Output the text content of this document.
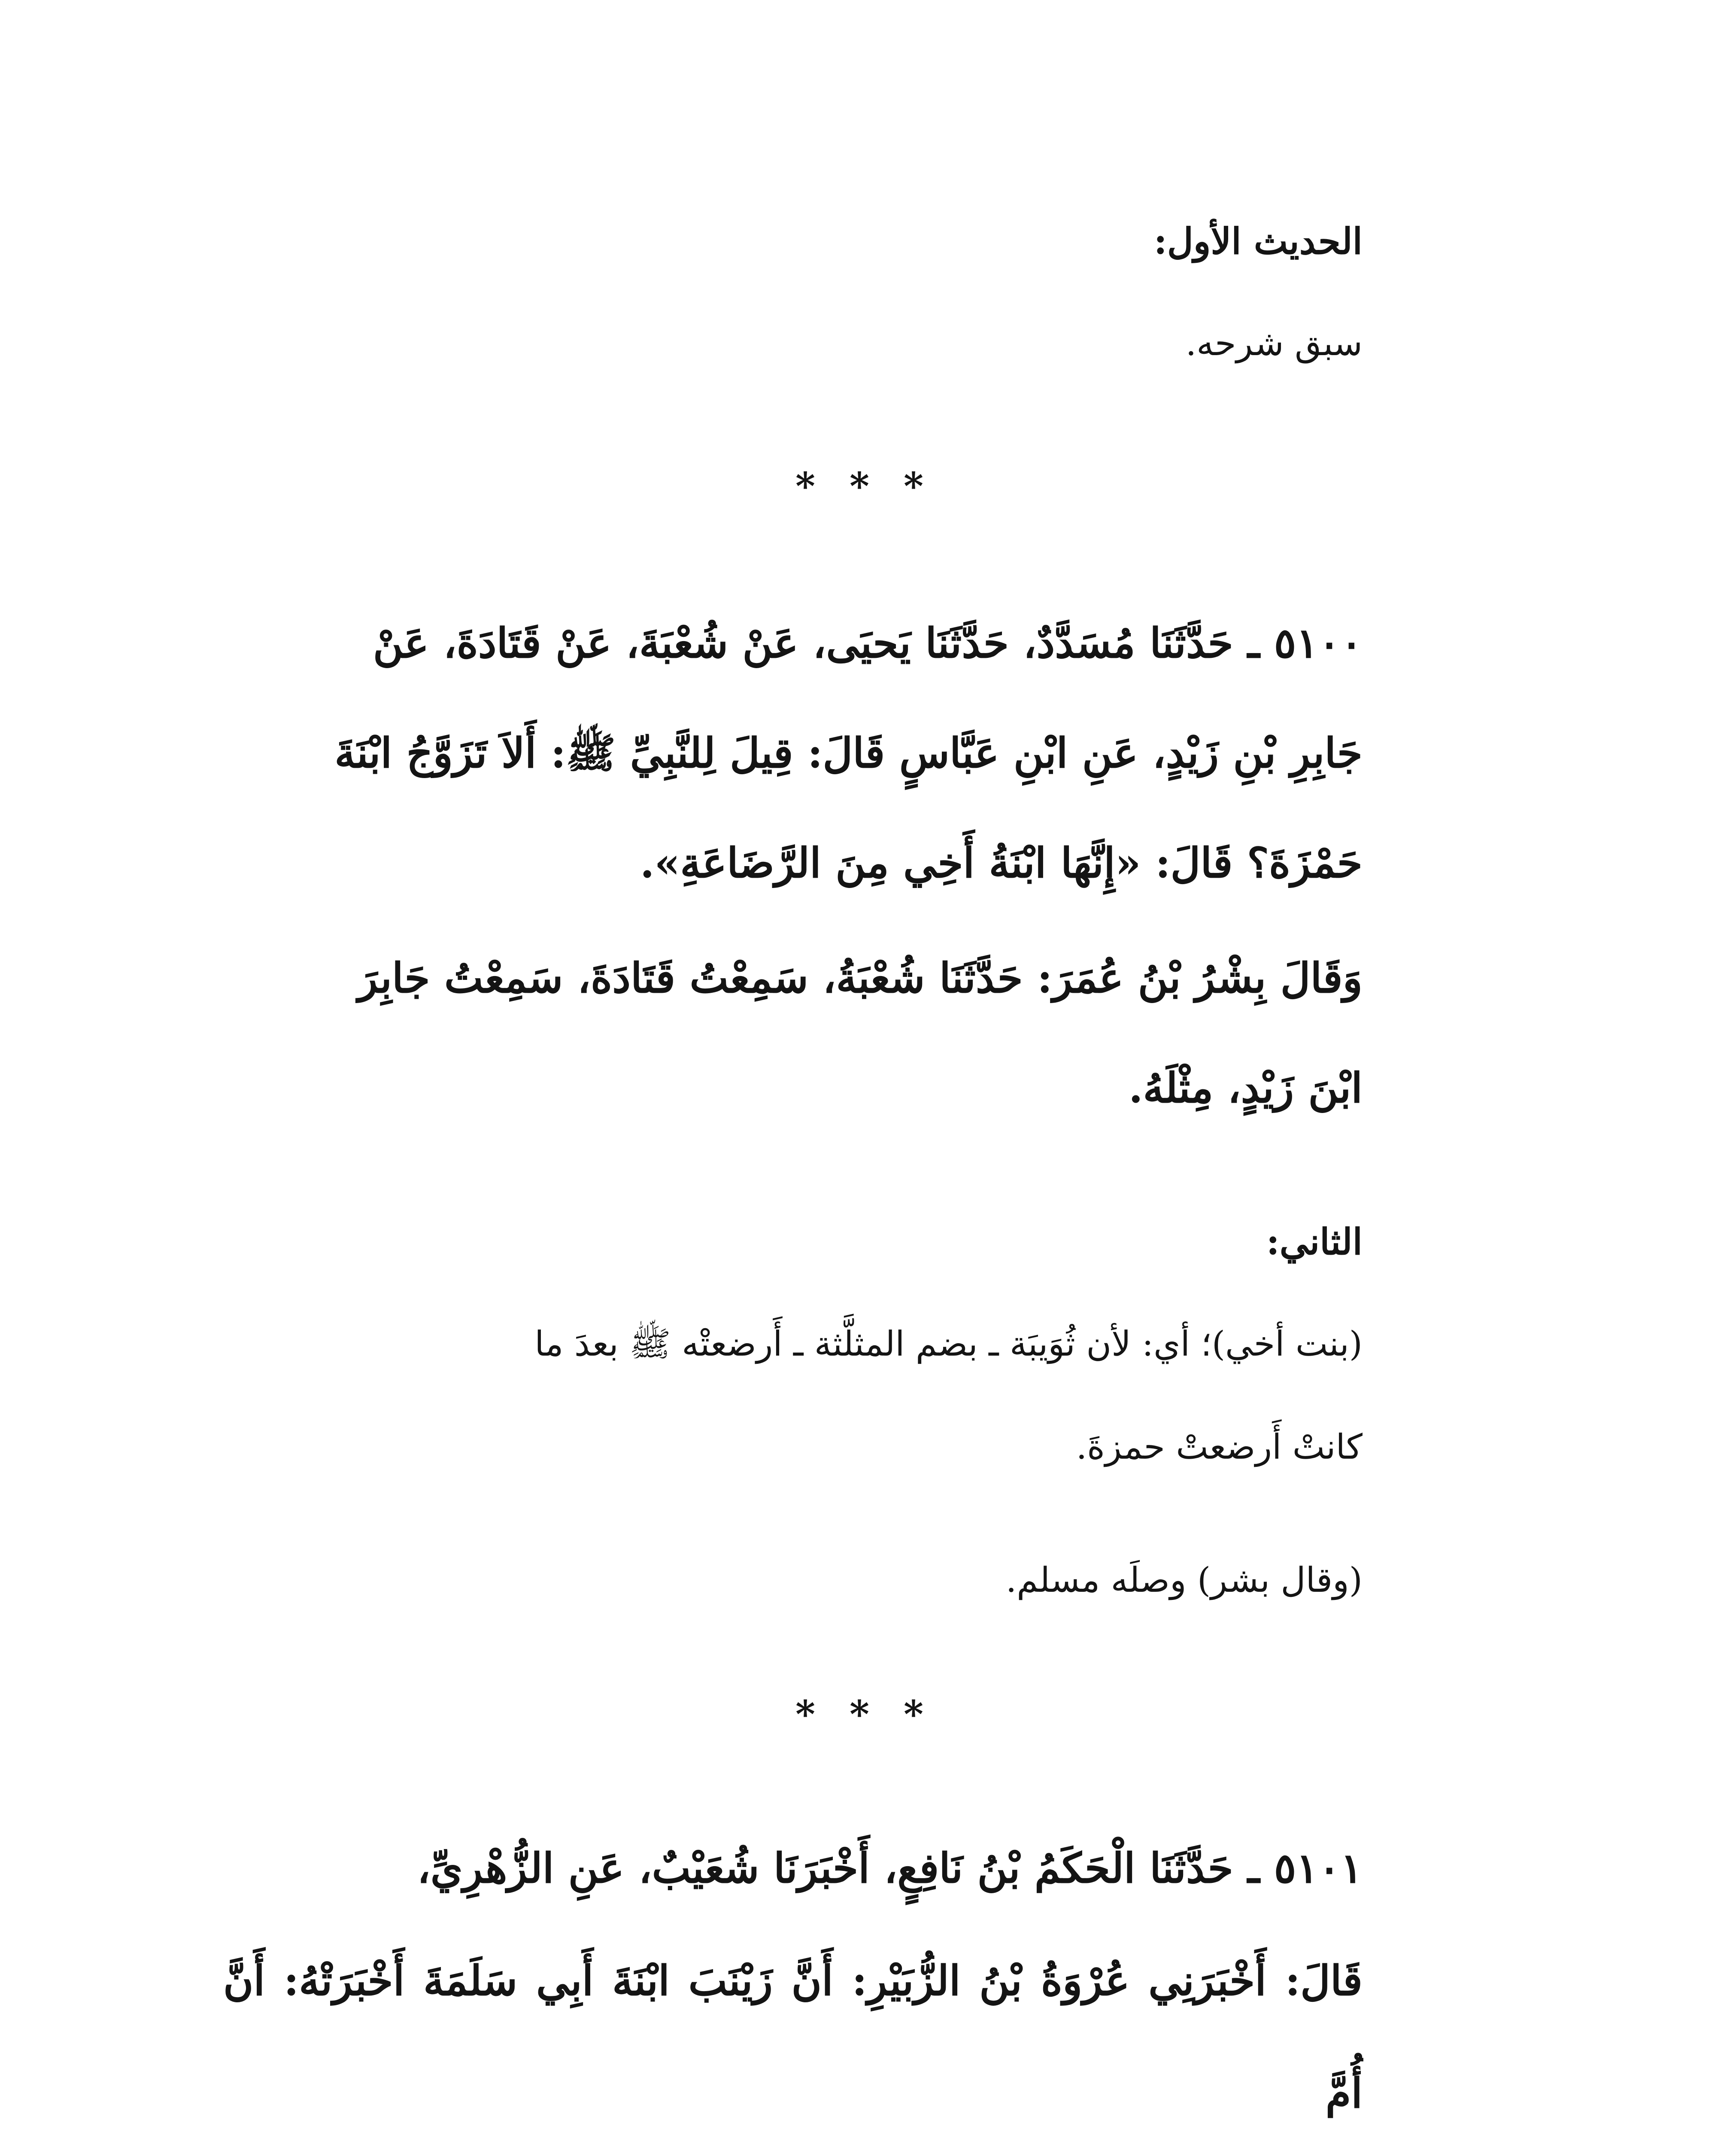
الحديث الأول:
سبق شرحه.
* * *
٥١٠٠ ـ حَدَّثَنَا مُسَدَّدٌ، حَدَّثَنَا يَحيَى، عَنْ شُعْبَةَ، عَنْ قَتَادَةَ، عَنْ
جَابِرِ بْنِ زَيْدٍ، عَنِ ابْنِ عَبَّاسٍ قَالَ: قِيلَ لِلنَّبِيِّ ﷺ: أَلاَ تَزَوَّجُ ابْنَةَ
حَمْزَةَ؟ قَالَ: «إِنَّهَا ابْنَةُ أَخِي مِنَ الرَّضَاعَةِ».
وَقَالَ بِشْرُ بْنُ عُمَرَ: حَدَّثَنَا شُعْبَةُ، سَمِعْتُ قَتَادَةَ، سَمِعْتُ جَابِرَ
ابْنَ زَيْدٍ، مِثْلَهُ.
الثاني:
(بنت أخي)؛ أي: لأن ثُوَيبَة ـ بضم المثلَّثة ـ أَرضعتْه ﷺ بعدَ ما
كانتْ أَرضعتْ حمزةَ.
(وقال بشر) وصلَه مسلم.
* * *
٥١٠١ ـ حَدَّثَنَا الْحَكَمُ بْنُ نَافِعٍ، أَخْبَرَنَا شُعَيْبٌ، عَنِ الزُّهْرِيِّ،
قَالَ: أَخْبَرَنِي عُرْوَةُ بْنُ الزُّبَيْرِ: أَنَّ زَيْنَبَ ابْنَةَ أَبِي سَلَمَةَ أَخْبَرَتْهُ: أَنَّ أُمَّ
